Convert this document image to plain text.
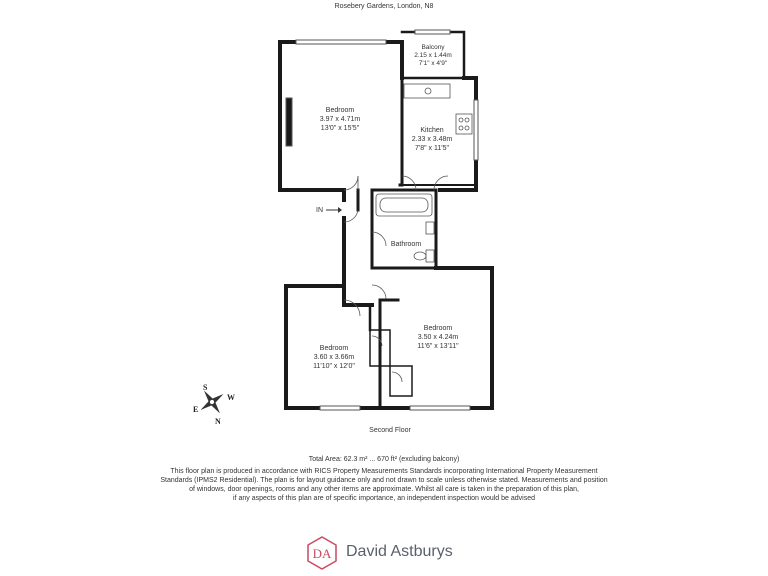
Rosebery Gardens, London, N8
IN
Balcony
2.15 x 1.44m
7'1" x 4'9"
Bedroom
3.97 x 4.71m
13'0" x 15'5"	Kitchen
2.33 x 3.48m
7'8" x 11'5"
Bathroom
Bedroom
3.50 x 4.24m
11'6" x 13'11"
Bedroom
3.60 x 3.66m
11'10" x 12'0"
S
W
E
N
Second Floor
Total Area: 62.3 m² ... 670 ft² (excluding balcony)
This floor plan is produced in accordance with RICS Property Measurements Standards incorporating International Property Measurement
Standards (IPMS2 Residential). The plan is for layout guidance only and not drawn to scale unless otherwise stated. Measurements and position
of windows, door openings, rooms and any other items are approximate. Whilst all care is taken in the preparation of this plan,
if any aspects of this plan are of specific importance, an independent inspection would be advised
DA David Astburys
